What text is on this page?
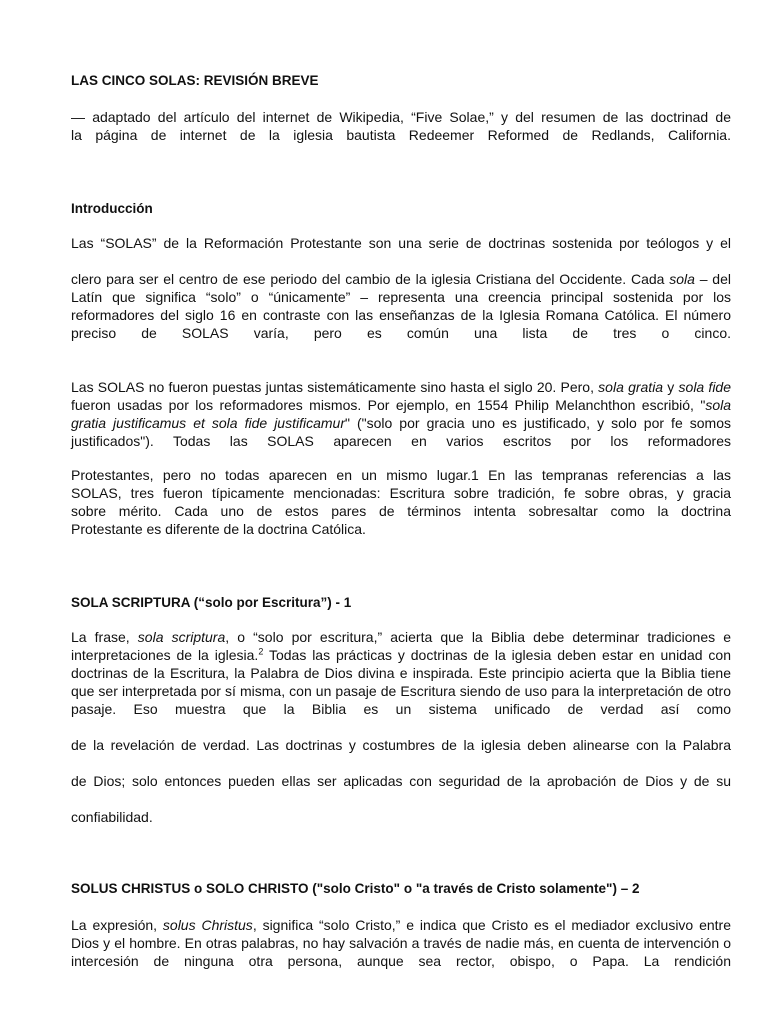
LAS CINCO SOLAS: REVISIÓN BREVE
— adaptado del artículo del internet de Wikipedia, “Five Solae,” y del resumen de las doctrinad de
la página de internet de la iglesia bautista Redeemer Reformed de Redlands, California.
Introducción
Las “SOLAS” de la Reformación Protestante son una serie de doctrinas sostenida por teólogos y el

clero para ser el centro de ese periodo del cambio de la iglesia Cristiana del Occidente. Cada sola – del Latín que significa “solo” o “únicamente” – representa una creencia principal sostenida por los reformadores del siglo 16 en contraste con las enseñanzas de la Iglesia Romana Católica. El número preciso de SOLAS varía, pero es común una lista de tres o cinco.

Las SOLAS no fueron puestas juntas sistemáticamente sino hasta el siglo 20. Pero, sola gratia y sola fide fueron usadas por los reformadores mismos. Por ejemplo, en 1554 Philip Melanchthon escribió, "sola gratia justificamus et sola fide justificamur" ("solo por gracia uno es justificado, y solo por fe somos justificados"). Todas las SOLAS aparecen en varios escritos por los reformadores

Protestantes, pero no todas aparecen en un mismo lugar.1 En las tempranas referencias a las
SOLAS, tres fueron típicamente mencionadas: Escritura sobre tradición, fe sobre obras, y gracia
sobre mérito. Cada uno de estos pares de términos intenta sobresaltar como la doctrina
Protestante es diferente de la doctrina Católica.
SOLA SCRIPTURA (“solo por Escritura”) - 1

La frase, sola scriptura, o “solo por escritura,” acierta que la Biblia debe determinar tradiciones e interpretaciones de la iglesia.$^2$ Todas las prácticas y doctrinas de la iglesia deben estar en unidad con doctrinas de la Escritura, la Palabra de Dios divina e inspirada. Este principio acierta que la Biblia tiene que ser interpretada por sí misma, con un pasaje de Escritura siendo de uso para la interpretación de otro pasaje. Eso muestra que la Biblia es un sistema unificado de verdad así como

de la revelación de verdad. Las doctrinas y costumbres de la iglesia deben alinearse con la Palabra

de Dios; solo entonces pueden ellas ser aplicadas con seguridad de la aprobación de Dios y de su
confiabilidad.
SOLUS CHRISTUS o SOLO CHRISTO ("solo Cristo" o "a través de Cristo solamente") – 2

La expresión, solus Christus, significa “solo Cristo,” e indica que Cristo es el mediador exclusivo entre Dios y el hombre. En otras palabras, no hay salvación a través de nadie más, en cuenta de intervención o intercesión de ninguna otra persona, aunque sea rector, obispo, o Papa. La rendición
